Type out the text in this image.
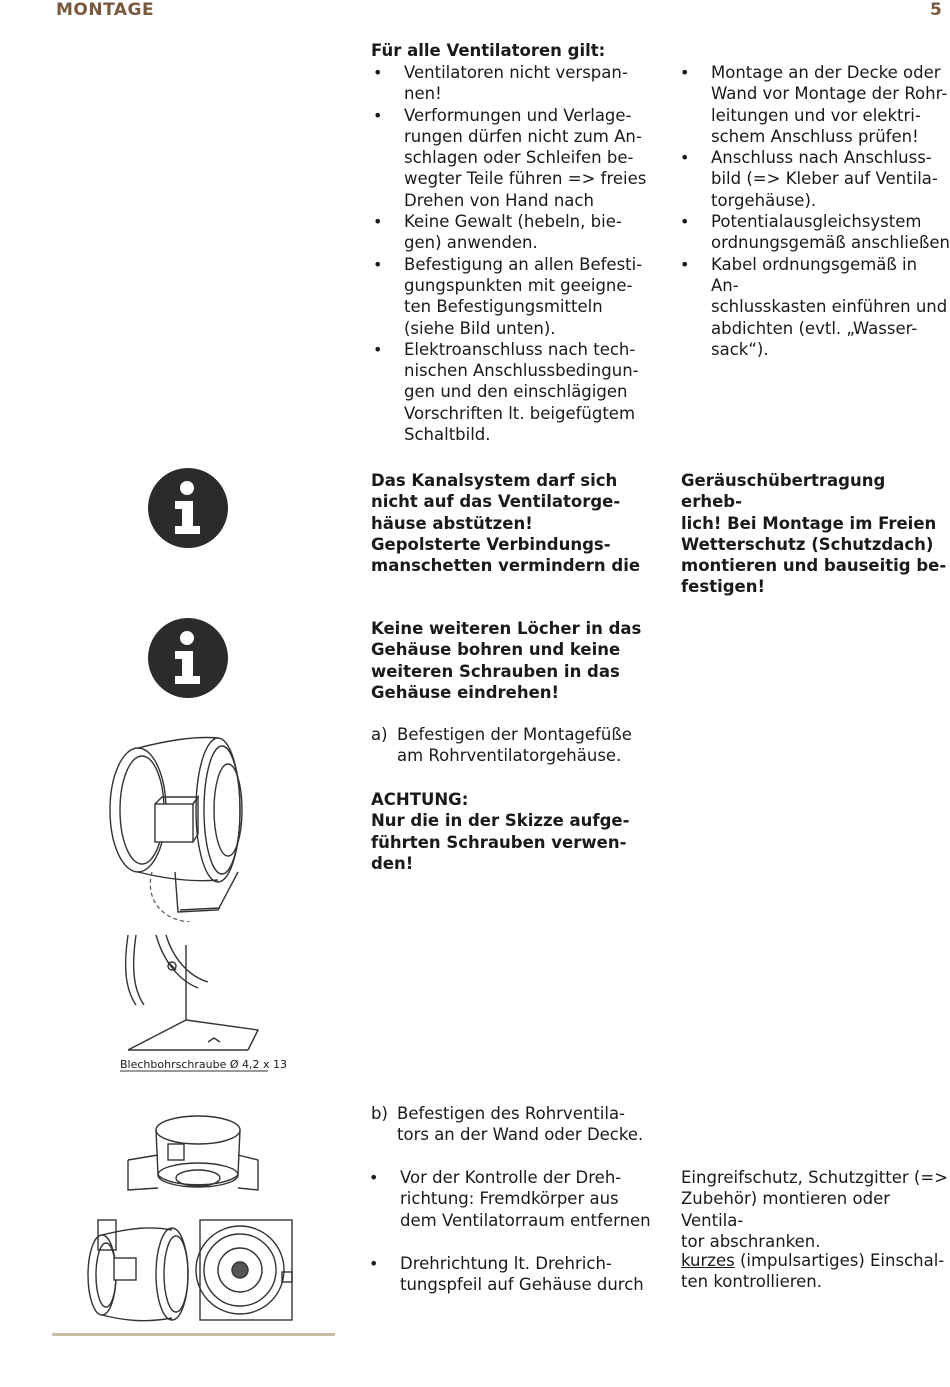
MONTAGE	5
Für alle Ventilatoren gilt:
• Ventilatoren nicht verspan-
nen!
• Verformungen und Verlage-
rungen dürfen nicht zum An-
schlagen oder Schleifen be-
wegter Teile führen => freies
Drehen von Hand nach
• Keine Gewalt (hebeln, bie-
gen) anwenden.
• Befestigung an allen Befesti-
gungspunkten mit geeigne-
ten Befestigungsmitteln
(siehe Bild unten).
• Elektroanschluss nach tech-
nischen Anschlussbedingun-
gen und den einschlägigen
Vorschriften lt. beigefügtem
Schaltbild.
• Montage an der Decke oder
Wand vor Montage der Rohr-
leitungen und vor elektri-
schem Anschluss prüfen!
• Anschluss nach Anschluss-
bild (=> Kleber auf Ventila-
torgehäuse).
• Potentialausgleichsystem
ordnungsgemäß anschließen
• Kabel ordnungsgemäß in An-
schlusskasten einführen und
abdichten (evtl. „Wasser-
sack“).
Das Kanalsystem darf sich
nicht auf das Ventilatorge-
häuse abstützen!
Gepolsterte Verbindungs-
manschetten vermindern die
Geräuschübertragung erheb-
lich! Bei Montage im Freien
Wetterschutz (Schutzdach)
montieren und bauseitig be-
festigen!
Keine weiteren Löcher in das
Gehäuse bohren und keine
weiteren Schrauben in das
Gehäuse eindrehen!
a) Befestigen der Montagefüße
am Rohrventilatorgehäuse.
ACHTUNG:
Nur die in der Skizze aufge-
führten Schrauben verwen-
den!
Blechbohrschraube Ø 4,2 x 13
b) Befestigen des Rohrventila-
tors an der Wand oder Decke.
• Vor der Kontrolle der Dreh-
richtung: Fremdkörper aus
dem Ventilatorraum entfernen
• Drehrichtung lt. Drehrich-
tungspfeil auf Gehäuse durch
Eingreifschutz, Schutzgitter (=>
Zubehör) montieren oder Ventila-
tor abschranken.
kurzes (impulsartiges) Einschal-
ten kontrollieren.
